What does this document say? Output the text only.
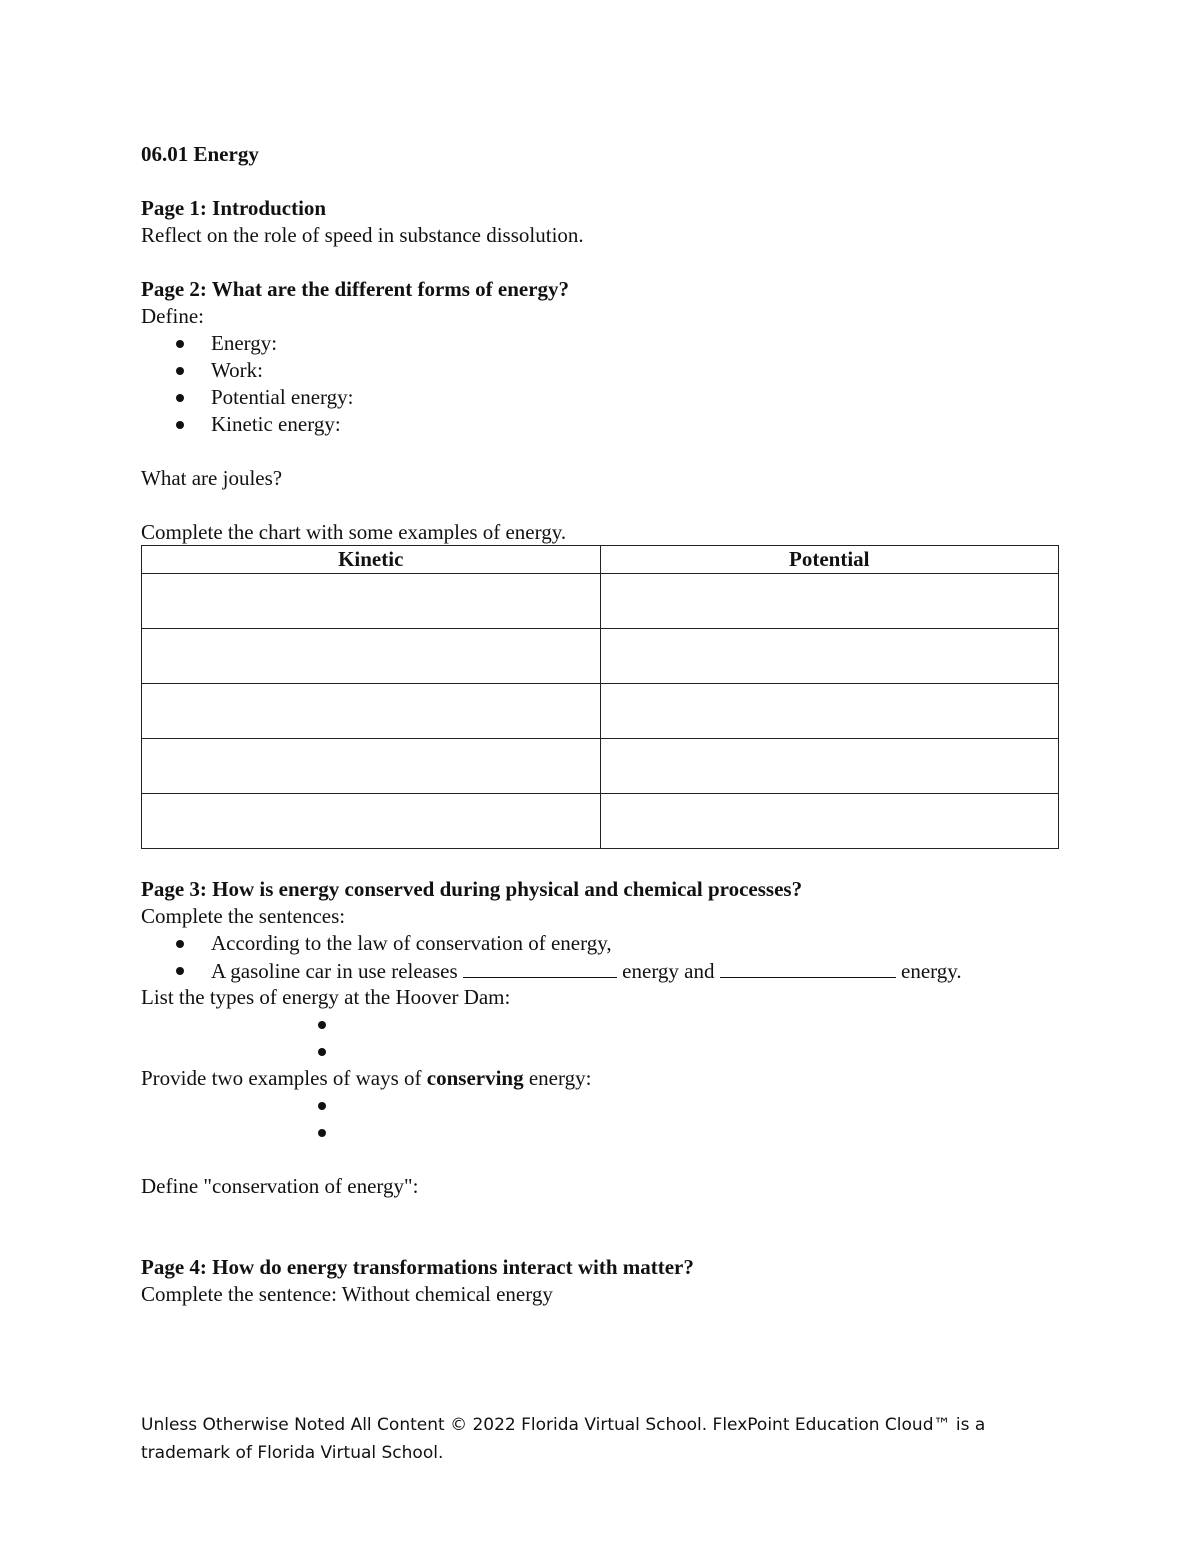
06.01 Energy
Page 1: Introduction
Reflect on the role of speed in substance dissolution.
Page 2: What are the different forms of energy?
Define:
Energy:
Work:
Potential energy:
Kinetic energy:
What are joules?
Complete the chart with some examples of energy.
Kinetic	Potential

Page 3: How is energy conserved during physical and chemical processes?
Complete the sentences:
According to the law of conservation of energy,
A gasoline car in use releases	energy and	energy.
List the types of energy at the Hoover Dam:
Provide two examples of ways of conserving energy:
Define "conservation of energy":
Page 4: How do energy transformations interact with matter?
Complete the sentence: Without chemical energy
Unless Otherwise Noted All Content © 2022 Florida Virtual School. FlexPoint Education Cloud™ is a
trademark of Florida Virtual School.
